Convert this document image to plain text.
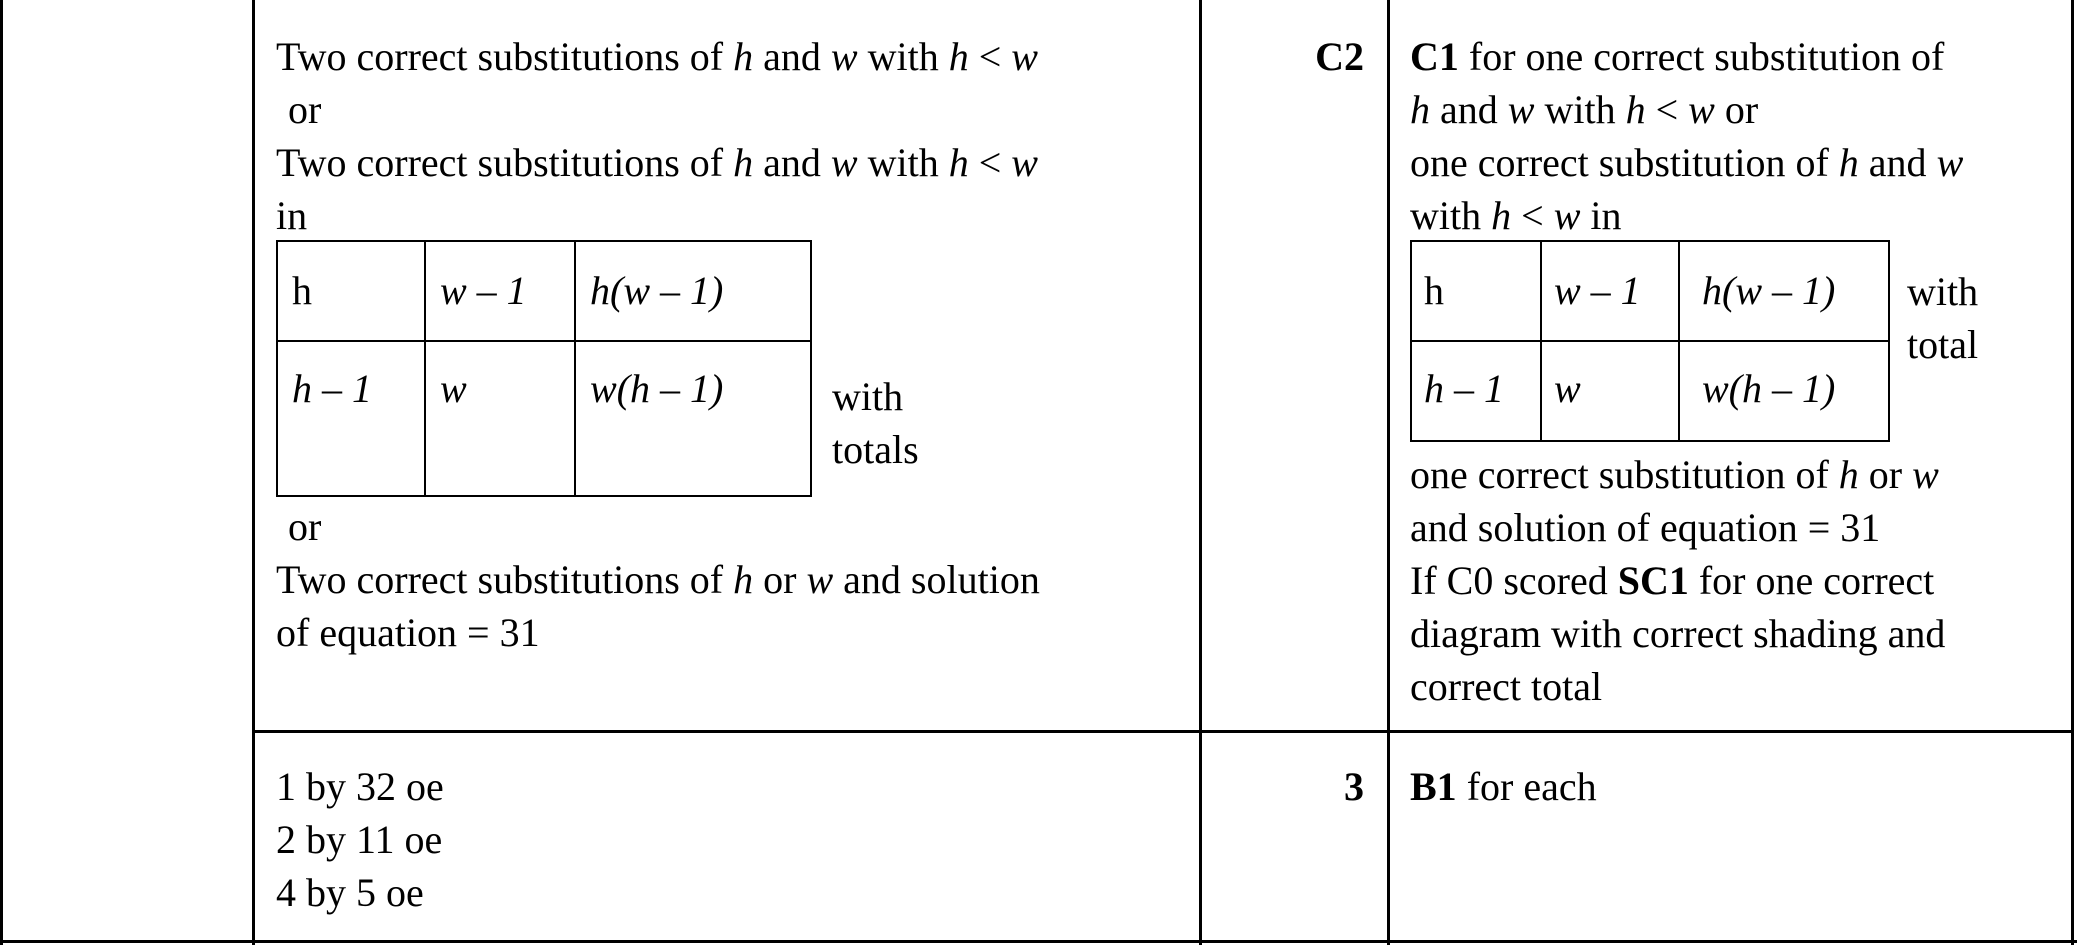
Two correct substitutions of h and w with h < w
or
Two correct substitutions of h and w with h < w
in
h	w – 1	h(w – 1)
h – 1	w	w(h – 1)	with
totals
or
Two correct substitutions of h or w and solution
of equation = 31
C2 C1 for one correct substitution of
h and w with h < w or
one correct substitution of h and w
with h < w in
h	w – 1	h(w – 1)
h – 1	w	w(h – 1)
with
total
one correct substitution of h or w
and solution of equation = 31
If C0 scored SC1 for one correct
diagram with correct shading and
correct total
1 by 32 oe
2 by 11 oe
4 by 5 oe
3 B1 for each
